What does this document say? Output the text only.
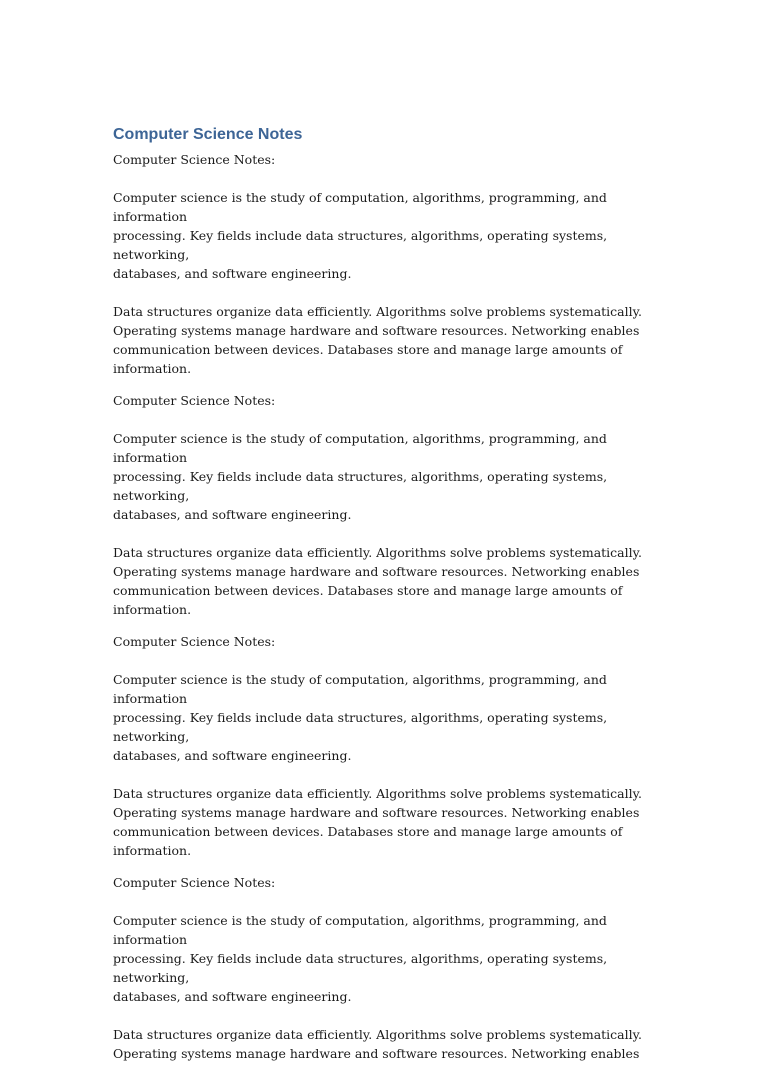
Computer Science Notes

Computer Science Notes:

Computer science is the study of computation, algorithms, programming, and information
processing. Key fields include data structures, algorithms, operating systems, networking,
databases, and software engineering.

Data structures organize data efficiently. Algorithms solve problems systematically.
Operating systems manage hardware and software resources. Networking enables
communication between devices. Databases store and manage large amounts of
information.

Computer Science Notes:

Computer science is the study of computation, algorithms, programming, and information
processing. Key fields include data structures, algorithms, operating systems, networking,
databases, and software engineering.

Data structures organize data efficiently. Algorithms solve problems systematically.
Operating systems manage hardware and software resources. Networking enables
communication between devices. Databases store and manage large amounts of
information.

Computer Science Notes:

Computer science is the study of computation, algorithms, programming, and information
processing. Key fields include data structures, algorithms, operating systems, networking,
databases, and software engineering.

Data structures organize data efficiently. Algorithms solve problems systematically.
Operating systems manage hardware and software resources. Networking enables
communication between devices. Databases store and manage large amounts of
information.

Computer Science Notes:

Computer science is the study of computation, algorithms, programming, and information
processing. Key fields include data structures, algorithms, operating systems, networking,
databases, and software engineering.

Data structures organize data efficiently. Algorithms solve problems systematically.
Operating systems manage hardware and software resources. Networking enables
